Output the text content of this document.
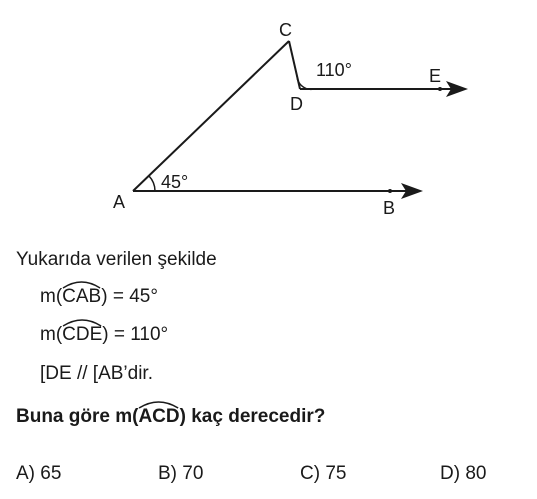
A	B
C
D
E
45°
110°
Yukarıda verilen şekilde
m(
CAB) = 45°
m(
CDE) = 110°
[DE // [AB’dir.
Buna göre m(
ACD) kaç derecedir?
A) 65	B) 70	C) 75	D) 80
